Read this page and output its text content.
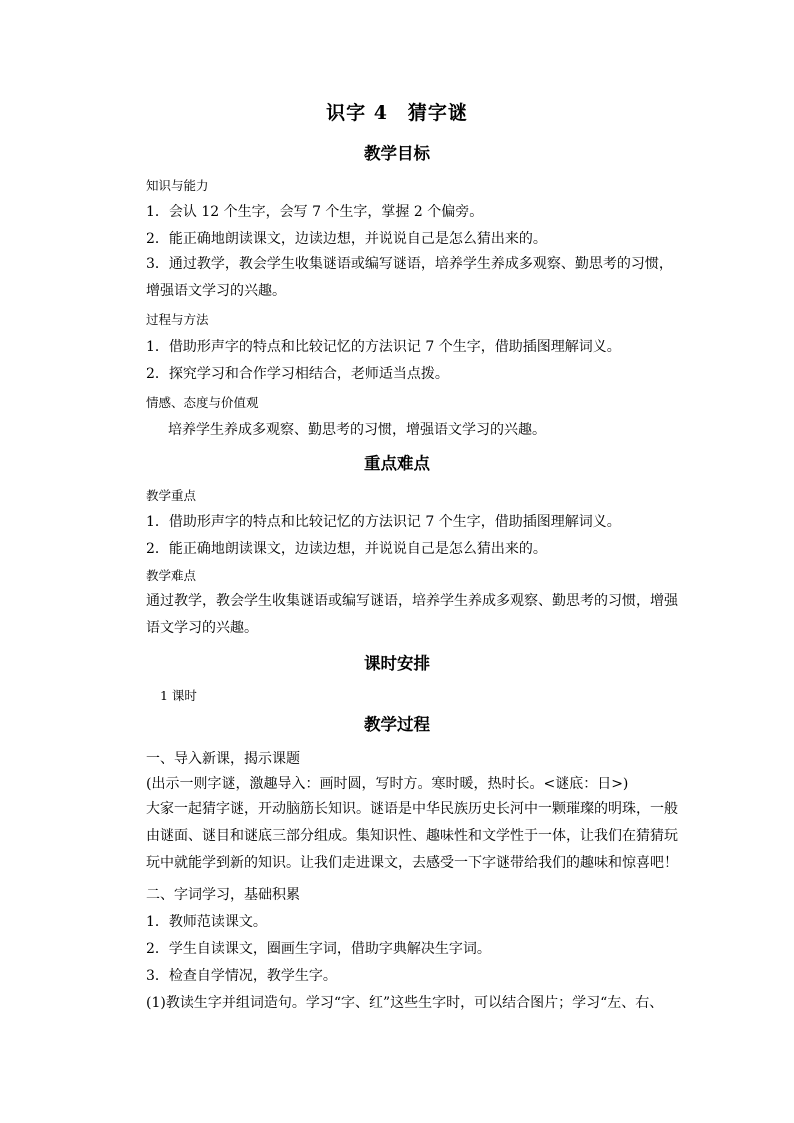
识字 4　猜字谜
教学目标
知识与能力
1．会认 12 个生字，会写 7 个生字，掌握 2 个偏旁。
2．能正确地朗读课文，边读边想，并说说自己是怎么猜出来的。
3．通过教学，教会学生收集谜语或编写谜语，培养学生养成多观察、勤思考的习惯，增强语文学习的兴趣。
过程与方法
1．借助形声字的特点和比较记忆的方法识记 7 个生字，借助插图理解词义。
2．探究学习和合作学习相结合，老师适当点拨。
情感、态度与价值观
培养学生养成多观察、勤思考的习惯，增强语文学习的兴趣。
重点难点
教学重点
1．借助形声字的特点和比较记忆的方法识记 7 个生字，借助插图理解词义。
2．能正确地朗读课文，边读边想，并说说自己是怎么猜出来的。
教学难点
通过教学，教会学生收集谜语或编写谜语，培养学生养成多观察、勤思考的习惯，增强语文学习的兴趣。
课时安排
1 课时
教学过程
一、导入新课，揭示课题
(出示一则字谜，激趣导入：画时圆，写时方。寒时暖，热时长。<谜底：日>)
大家一起猜字谜，开动脑筋长知识。谜语是中华民族历史长河中一颗璀璨的明珠，一般由谜面、谜目和谜底三部分组成。集知识性、趣味性和文学性于一体，让我们在猜猜玩玩中就能学到新的知识。让我们走进课文，去感受一下字谜带给我们的趣味和惊喜吧！
二、字词学习，基础积累
1．教师范读课文。
2．学生自读课文，圈画生字词，借助字典解决生字词。
3．检查自学情况，教学生字。
(1)教读生字并组词造句。学习“字、红”这些生字时，可以结合图片；学习“左、右、
